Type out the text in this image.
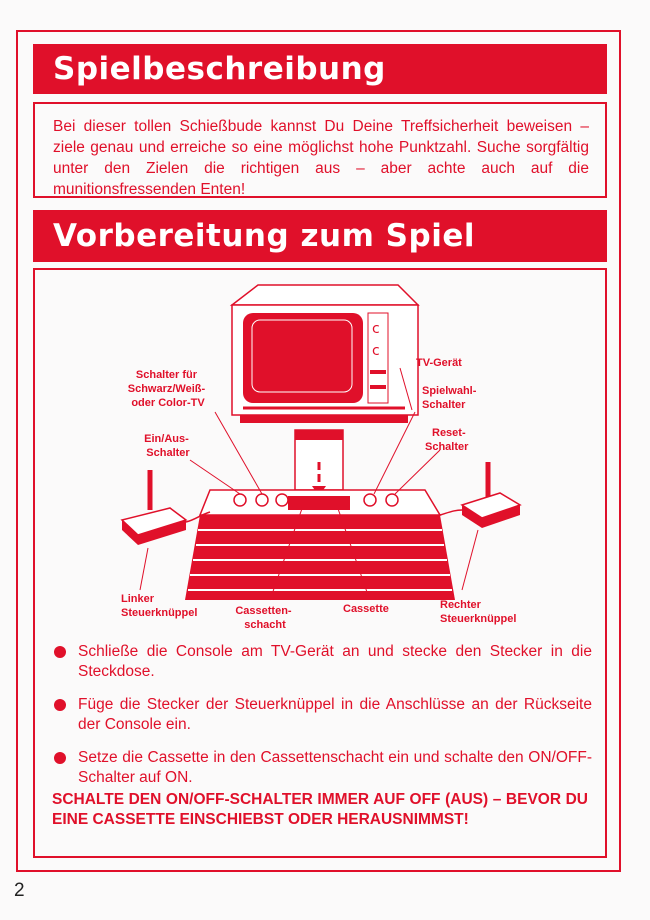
Spielbeschreibung
Bei dieser tollen Schießbude kannst Du Deine Treffsicherheit beweisen – ziele genau und erreiche so eine möglichst hohe Punktzahl. Suche sorgfältig unter den Zielen die richtigen aus – aber achte auch auf die munitionsfressenden Enten!
Vorbereitung zum Spiel
c
c
Schalter für Schwarz/Weiß- oder Color-TV
TV-Gerät
Spielwahl- Schalter
Ein/Aus- Schalter
Reset- Schalter
Linker Steuerknüppel	Cassetten- schacht
Cassette	Rechter Steuerknüppel
Schließe die Console am TV-Gerät an und stecke den Stecker in die Steckdose.
Füge die Stecker der Steuerknüppel in die Anschlüsse an der Rückseite der Console ein.
Setze die Cassette in den Cassettenschacht ein und schalte den ON/OFF-Schalter auf ON.
SCHALTE DEN ON/OFF-SCHALTER IMMER AUF OFF (AUS) – BEVOR DU EINE CASSETTE EINSCHIEBST ODER HERAUSNIMMST!
2
